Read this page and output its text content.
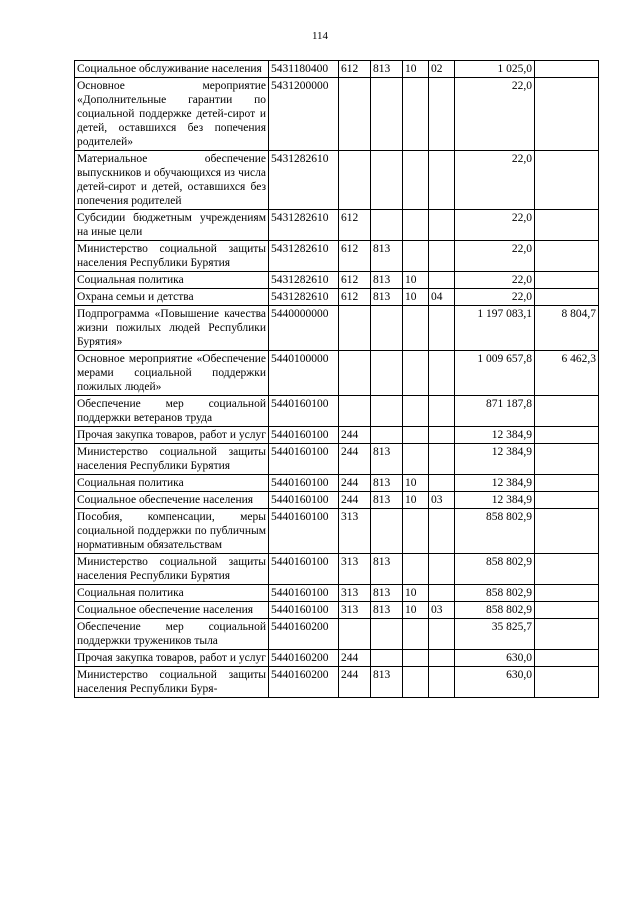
114
Социальное обслуживание населения	5431180400	612	813	10	02	1 025,0	
Основное мероприятие «Дополнительные гарантии по социальной поддержке детей-сирот и детей, оставшихся без попечения родителей»	5431200000					22,0	
Материальное обеспечение выпускников и обучающихся из числа детей-сирот и детей, оставшихся без попечения родителей	5431282610					22,0	
Субсидии бюджетным учреждениям на иные цели	5431282610	612				22,0	
Министерство социальной защиты населения Республики Бурятия	5431282610	612	813			22,0	
Социальная политика	5431282610	612	813	10		22,0	
Охрана семьи и детства	5431282610	612	813	10	04	22,0	
Подпрограмма «Повышение качества жизни пожилых людей Республики Бурятия»	5440000000					1 197 083,1	8 804,7
Основное мероприятие «Обеспечение мерами социальной поддержки пожилых людей»	5440100000					1 009 657,8	6 462,3
Обеспечение мер социальной поддержки ветеранов труда	5440160100					871 187,8	
Прочая закупка товаров, работ и услуг	5440160100	244				12 384,9	
Министерство социальной защиты населения Республики Бурятия	5440160100	244	813			12 384,9	
Социальная политика	5440160100	244	813	10		12 384,9	
Социальное обеспечение населения	5440160100	244	813	10	03	12 384,9	
Пособия, компенсации, меры социальной поддержки по публичным нормативным обязательствам	5440160100	313				858 802,9	
Министерство социальной защиты населения Республики Бурятия	5440160100	313	813			858 802,9	
Социальная политика	5440160100	313	813	10		858 802,9	
Социальное обеспечение населения	5440160100	313	813	10	03	858 802,9	
Обеспечение мер социальной поддержки тружеников тыла	5440160200					35 825,7	
Прочая закупка товаров, работ и услуг	5440160200	244				630,0	
Министерство социальной защиты населения Республики Буря-	5440160200	244	813			630,0	
